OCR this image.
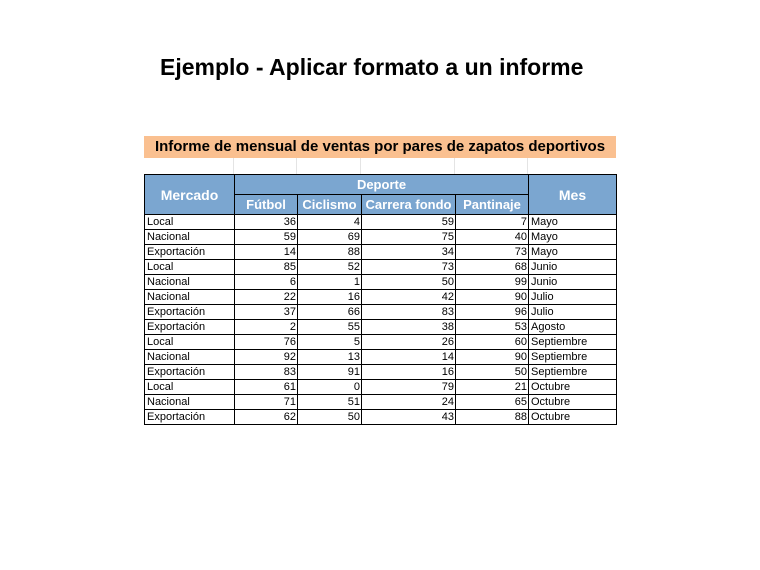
Ejemplo - Aplicar formato a un informe
Informe de mensual de ventas por pares de zapatos deportivos
Mercado	Deporte				Mes
	Fútbol	Ciclismo	Carrera fondo	Pantinaje	
Local	36	4	59	7	Mayo
Nacional	59	69	75	40	Mayo
Exportación	14	88	34	73	Mayo
Local	85	52	73	68	Junio
Nacional	6	1	50	99	Junio
Nacional	22	16	42	90	Julio
Exportación	37	66	83	96	Julio
Exportación	2	55	38	53	Agosto
Local	76	5	26	60	Septiembre
Nacional	92	13	14	90	Septiembre
Exportación	83	91	16	50	Septiembre
Local	61	0	79	21	Octubre
Nacional	71	51	24	65	Octubre
Exportación	62	50	43	88	Octubre
